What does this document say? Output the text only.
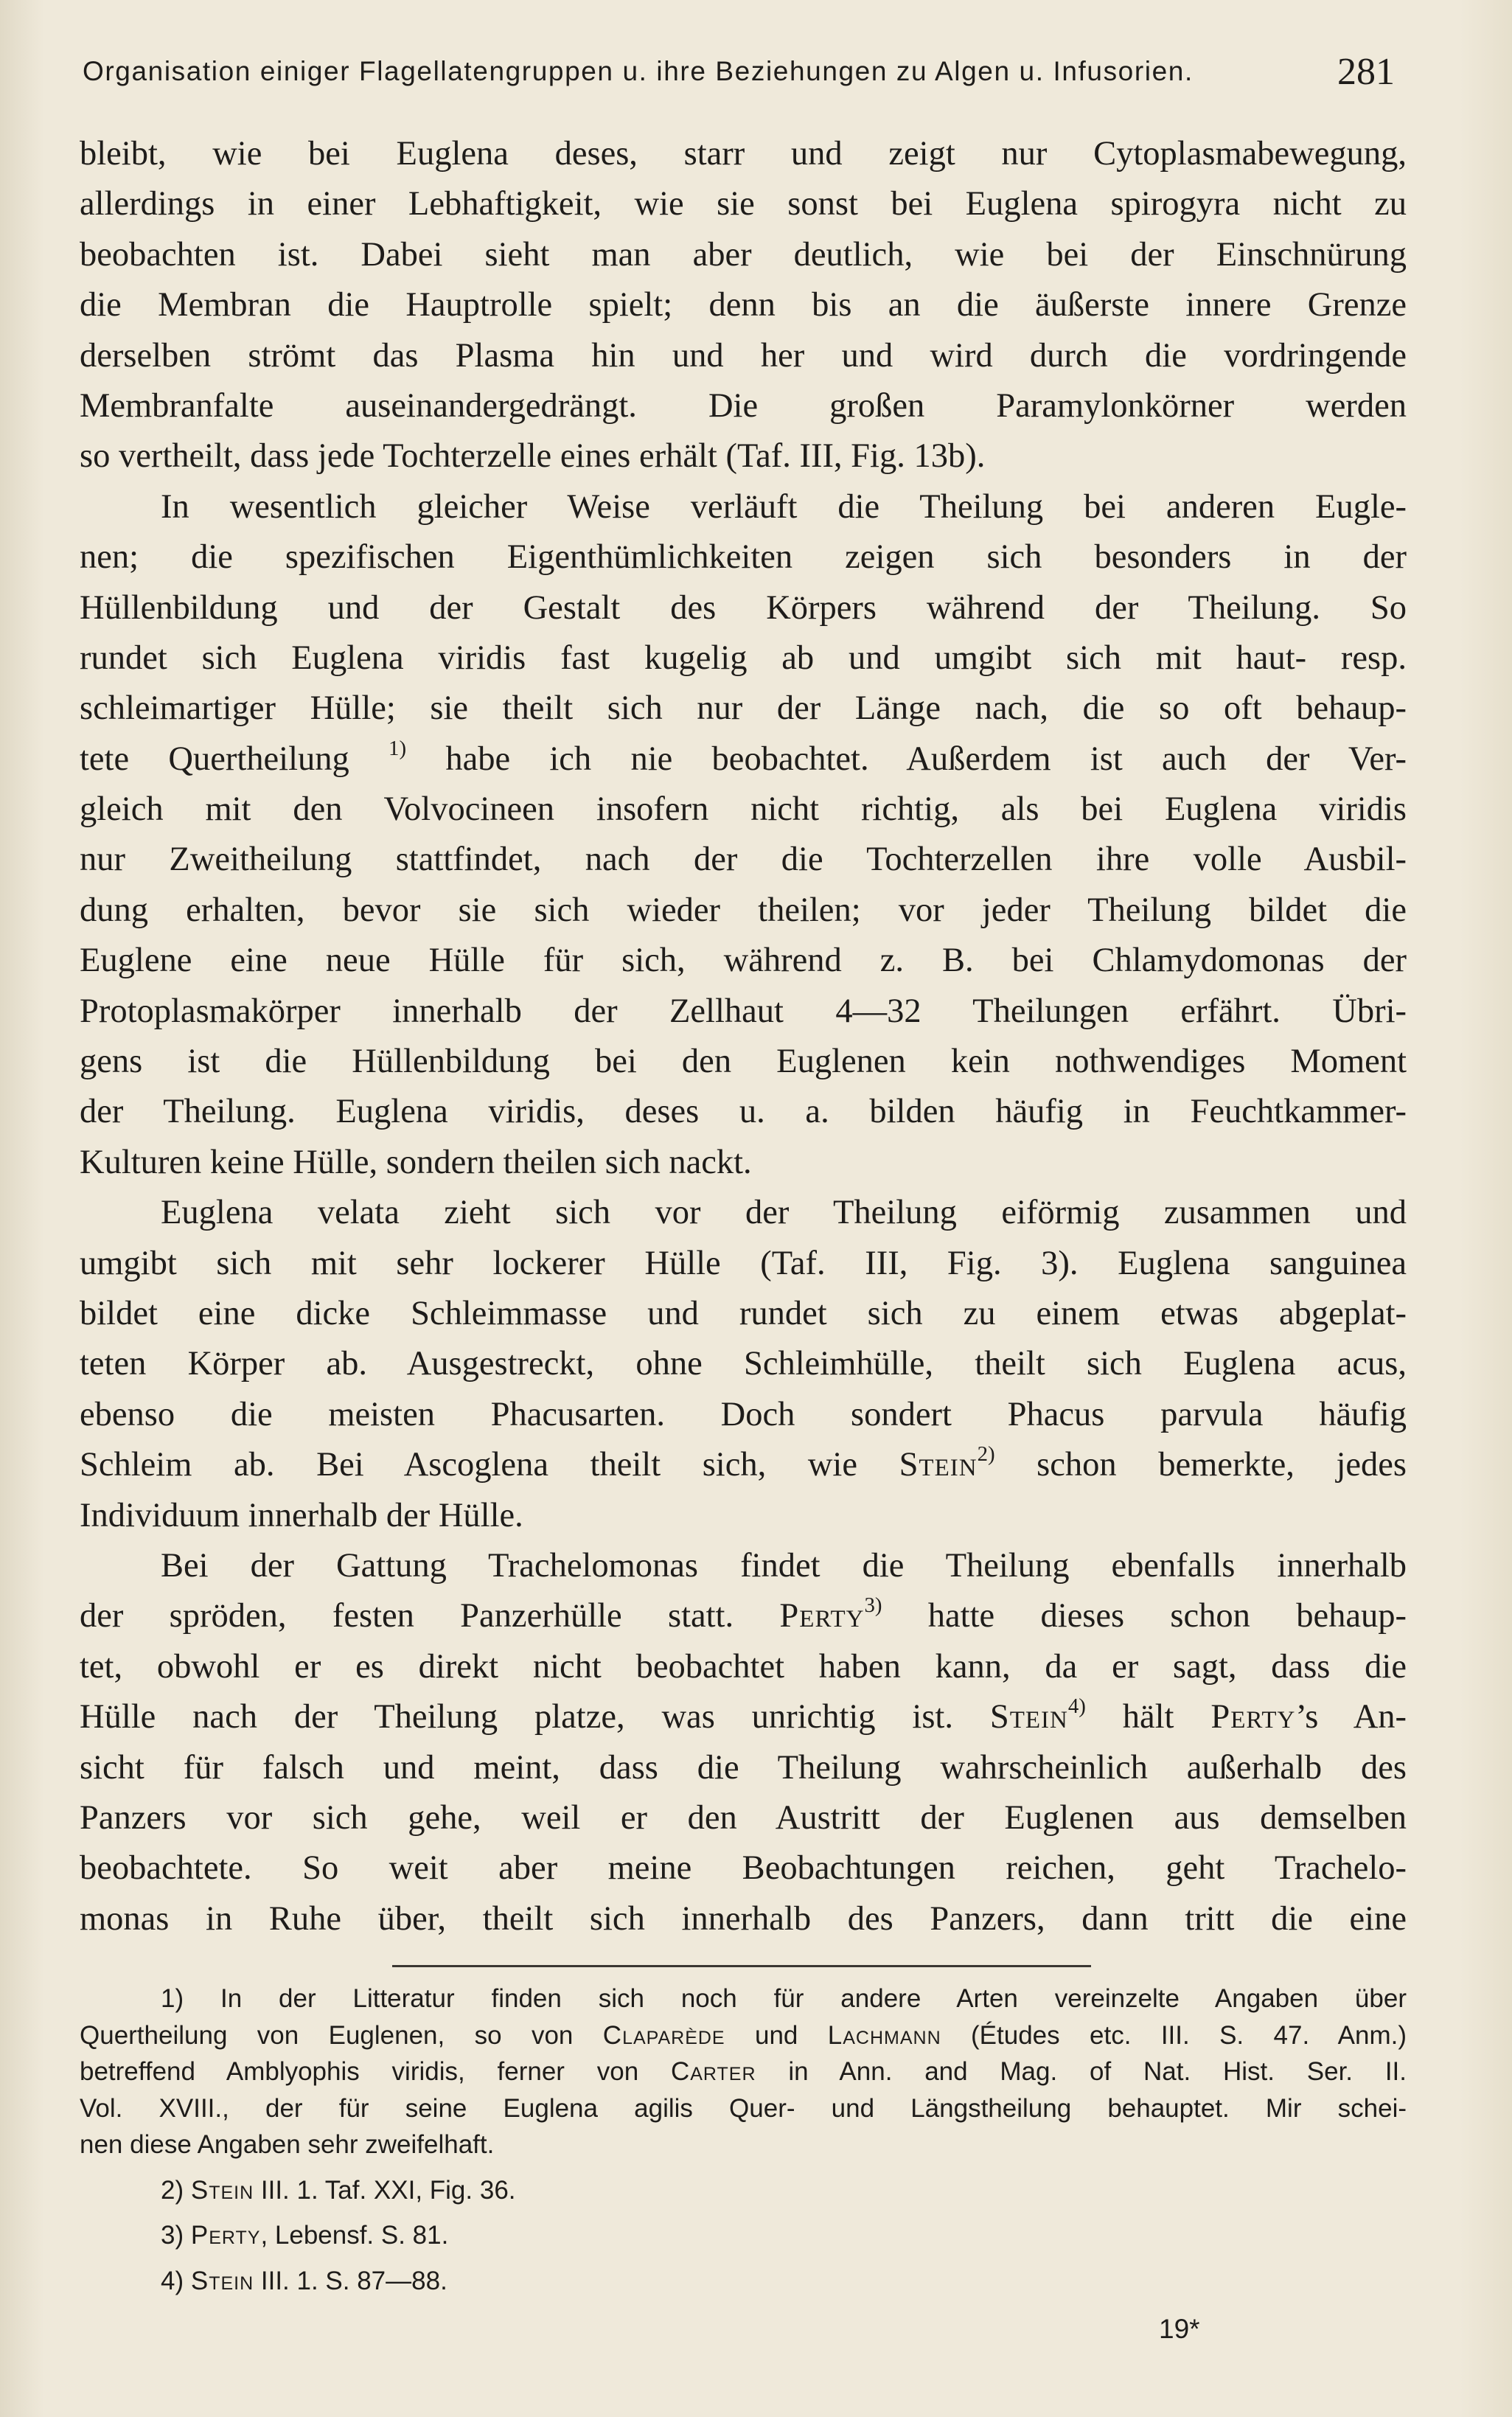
Organisation einiger Flagellatengruppen u. ihre Beziehungen zu Algen u. Infusorien.	281
bleibt, wie bei Euglena deses, starr und zeigt nur Cytoplasmabewegung,
allerdings in einer Lebhaftigkeit, wie sie sonst bei Euglena spirogyra nicht zu
beobachten ist. Dabei sieht man aber deutlich, wie bei der Einschnürung
die Membran die Hauptrolle spielt; denn bis an die äußerste innere Grenze
derselben strömt das Plasma hin und her und wird durch die vordringende
Membranfalte auseinandergedrängt. Die großen Paramylonkörner werden
so vertheilt, dass jede Tochterzelle eines erhält (Taf. III, Fig. 13b).
In wesentlich gleicher Weise verläuft die Theilung bei anderen Eugle-
nen; die spezifischen Eigenthümlichkeiten zeigen sich besonders in der
Hüllenbildung und der Gestalt des Körpers während der Theilung. So
rundet sich Euglena viridis fast kugelig ab und umgibt sich mit haut- resp.
schleimartiger Hülle; sie theilt sich nur der Länge nach, die so oft behaup-
tete Quertheilung $^{1)}$ habe ich nie beobachtet. Außerdem ist auch der Ver-
gleich mit den Volvocineen insofern nicht richtig, als bei Euglena viridis
nur Zweitheilung stattfindet, nach der die Tochterzellen ihre volle Ausbil-
dung erhalten, bevor sie sich wieder theilen; vor jeder Theilung bildet die
Euglene eine neue Hülle für sich, während z. B. bei Chlamydomonas der
Protoplasmakörper innerhalb der Zellhaut 4—32 Theilungen erfährt. Übri-
gens ist die Hüllenbildung bei den Euglenen kein nothwendiges Moment
der Theilung. Euglena viridis, deses u. a. bilden häufig in Feuchtkammer-
Kulturen keine Hülle, sondern theilen sich nackt.
Euglena velata zieht sich vor der Theilung eiförmig zusammen und
umgibt sich mit sehr lockerer Hülle (Taf. III, Fig. 3). Euglena sanguinea
bildet eine dicke Schleimmasse und rundet sich zu einem etwas abgeplat-
teten Körper ab. Ausgestreckt, ohne Schleimhülle, theilt sich Euglena acus,
ebenso die meisten Phacusarten. Doch sondert Phacus parvula häufig
Schleim ab. Bei Ascoglena theilt sich, wie Stein$^{2)}$ schon bemerkte, jedes
Individuum innerhalb der Hülle.
Bei der Gattung Trachelomonas findet die Theilung ebenfalls innerhalb
der spröden, festen Panzerhülle statt. Perty$^{3)}$ hatte dieses schon behaup-
tet, obwohl er es direkt nicht beobachtet haben kann, da er sagt, dass die
Hülle nach der Theilung platze, was unrichtig ist. Stein$^{4)}$ hält Perty’s An-
sicht für falsch und meint, dass die Theilung wahrscheinlich außerhalb des
Panzers vor sich gehe, weil er den Austritt der Euglenen aus demselben
beobachtete. So weit aber meine Beobachtungen reichen, geht Trachelo-
monas in Ruhe über, theilt sich innerhalb des Panzers, dann tritt die eine
1) In der Litteratur finden sich noch für andere Arten vereinzelte Angaben über
Quertheilung von Euglenen, so von Claparède und Lachmann (Études etc. III. S. 47. Anm.)
betreffend Amblyophis viridis, ferner von Carter in Ann. and Mag. of Nat. Hist. Ser. II.
Vol. XVIII., der für seine Euglena agilis Quer- und Längstheilung behauptet. Mir schei-
nen diese Angaben sehr zweifelhaft.
2) Stein III. 1. Taf. XXI, Fig. 36.
3) Perty, Lebensf. S. 81.
4) Stein III. 1. S. 87—88.
19*
